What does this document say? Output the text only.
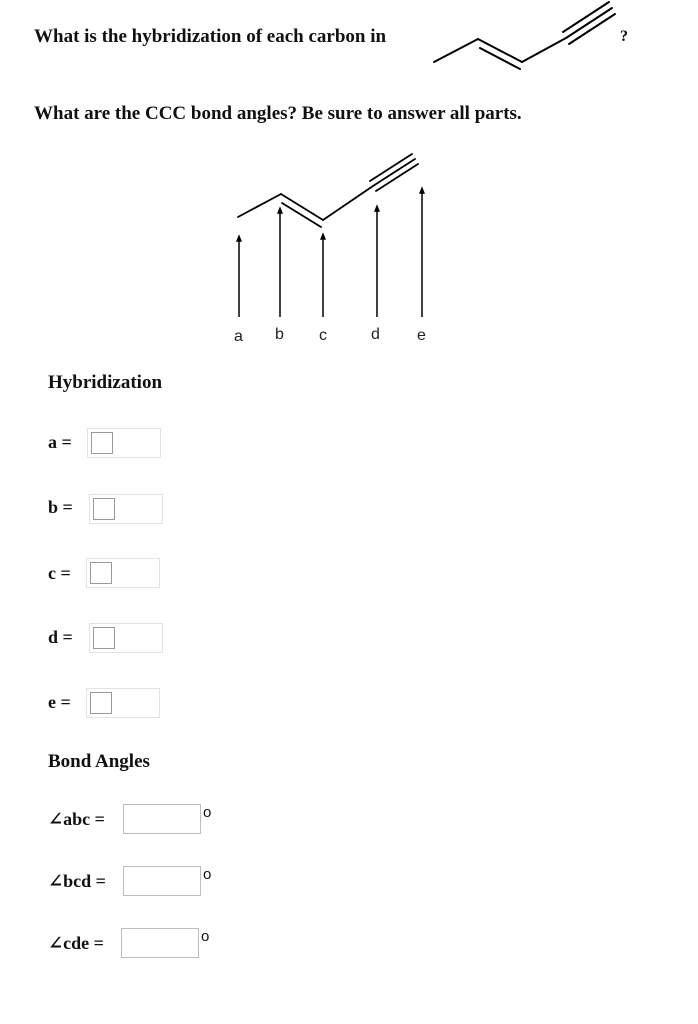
What is the hybridization of each carbon in	?
What are the CCC bond angles? Be sure to answer all parts.
a b c	d e
Hybridization
a =
b =
c =
d =
e =
Bond Angles
∠abc =	o
∠bcd =	o
∠cde =	o
